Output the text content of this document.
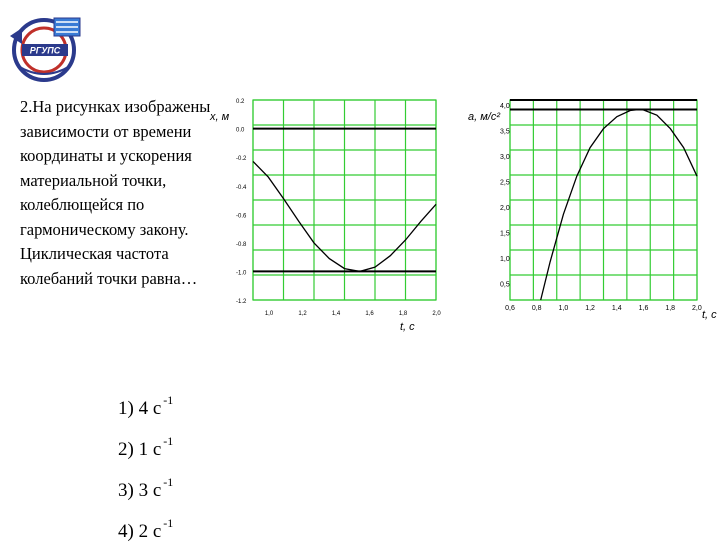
РГУПС
2.На рисунках изображены зависимости от времени координаты и ускорения материальной точки, колеблющейся по гармоническому закону. Циклическая частота колебаний точки равна…
1) 4 с $^{-1}$
2) 1 с $^{-1}$
3) 3 с $^{-1}$
4) 2 с $^{-1}$
1,0	1,2	1,4	1,6	1,8	2,0
0.2
0.0
-0.2
-0.4
-0.6
-0.8
-1.0
-1.2
x, м
t, с
0,6 0,8 1,0 1,2 1,4 1,6 1,8 2,0
4,0
3,5
3,0
2,5
2,0
1,5
1,0
0,5
a, м/с²
t, с
